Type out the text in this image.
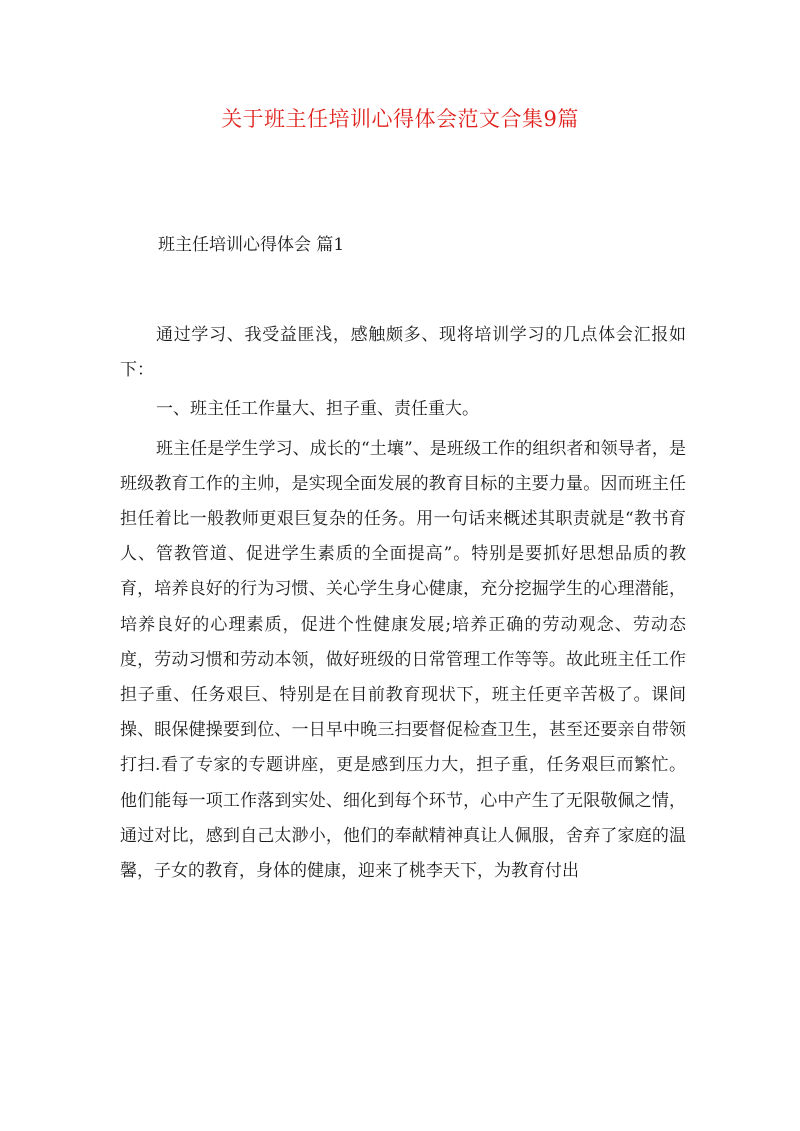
关于班主任培训心得体会范文合集9篇
班主任培训心得体会 篇1

通过学习、我受益匪浅，感触颇多、现将培训学习的几点体会汇报如下：

一、班主任工作量大、担子重、责任重大。

班主任是学生学习、成长的“土壤”、是班级工作的组织者和领导者，是班级教育工作的主帅，是实现全面发展的教育目标的主要力量。因而班主任担任着比一般教师更艰巨复杂的任务。用一句话来概述其职责就是“教书育人、管教管道、促进学生素质的全面提高”。特别是要抓好思想品质的教育，培养良好的行为习惯、关心学生身心健康，充分挖掘学生的心理潜能，培养良好的心理素质，促进个性健康发展;培养正确的劳动观念、劳动态度，劳动习惯和劳动本领，做好班级的日常管理工作等等。故此班主任工作担子重、任务艰巨、特别是在目前教育现状下，班主任更辛苦极了。课间操、眼保健操要到位、一日早中晚三扫要督促检查卫生，甚至还要亲自带领打扫.看了专家的专题讲座，更是感到压力大，担子重，任务艰巨而繁忙。他们能每一项工作落到实处、细化到每个环节，心中产生了无限敬佩之情，通过对比，感到自己太渺小，他们的奉献精神真让人佩服，舍弃了家庭的温馨，子女的教育，身体的健康，迎来了桃李天下，为教育付出
